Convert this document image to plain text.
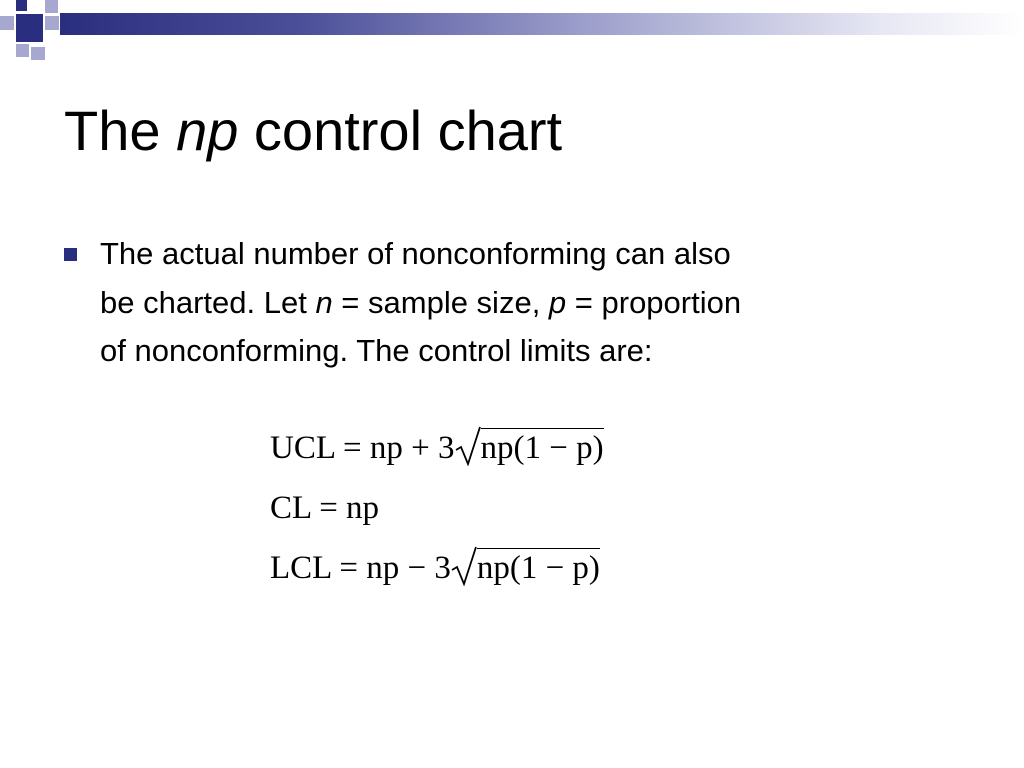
The np control chart
The actual number of nonconforming can also
be charted. Let n = sample size, p = proportion
of nonconforming. The control limits are:
UCL = np + 3 np(1 − p)
CL = np
LCL = np − 3 np(1 − p)
